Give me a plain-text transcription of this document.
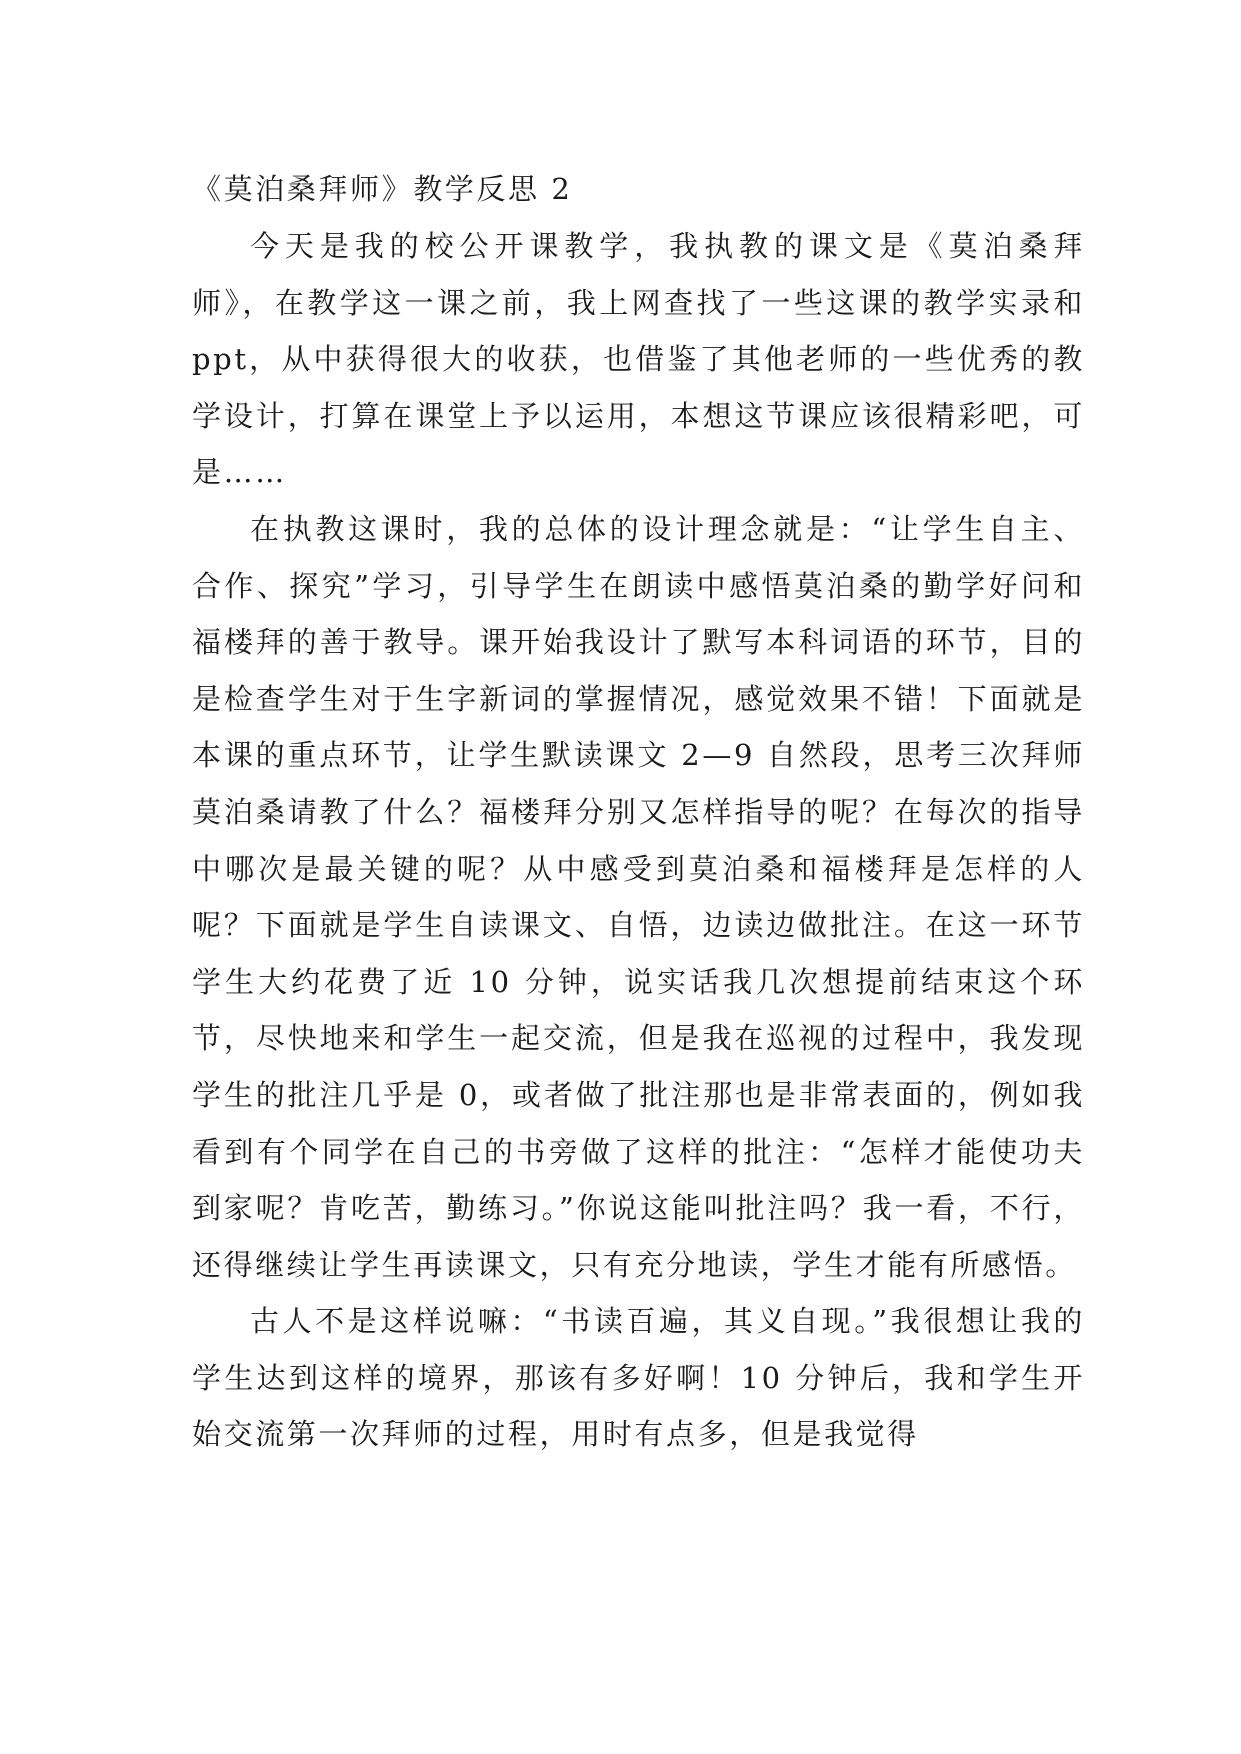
《莫泊桑拜师》教学反思 2

今天是我的校公开课教学，我执教的课文是《莫泊桑拜师》，在教学这一课之前，我上网查找了一些这课的教学实录和 ppt，从中获得很大的收获，也借鉴了其他老师的一些优秀的教学设计，打算在课堂上予以运用，本想这节课应该很精彩吧，可是……

在执教这课时，我的总体的设计理念就是：“让学生自主、合作、探究”学习，引导学生在朗读中感悟莫泊桑的勤学好问和福楼拜的善于教导。课开始我设计了默写本科词语的环节，目的是检查学生对于生字新词的掌握情况，感觉效果不错！下面就是本课的重点环节，让学生默读课文 2—9 自然段，思考三次拜师莫泊桑请教了什么？福楼拜分别又怎样指导的呢？在每次的指导中哪次是最关键的呢？从中感受到莫泊桑和福楼拜是怎样的人呢？下面就是学生自读课文、自悟，边读边做批注。在这一环节学生大约花费了近 10 分钟，说实话我几次想提前结束这个环节，尽快地来和学生一起交流，但是我在巡视的过程中，我发现学生的批注几乎是 0，或者做了批注那也是非常表面的，例如我看到有个同学在自己的书旁做了这样的批注：“怎样才能使功夫到家呢？肯吃苦，勤练习。”你说这能叫批注吗？我一看，不行，还得继续让学生再读课文，只有充分地读，学生才能有所感悟。

古人不是这样说嘛：“书读百遍，其义自现。”我很想让我的学生达到这样的境界，那该有多好啊！10 分钟后，我和学生开始交流第一次拜师的过程，用时有点多，但是我觉得
